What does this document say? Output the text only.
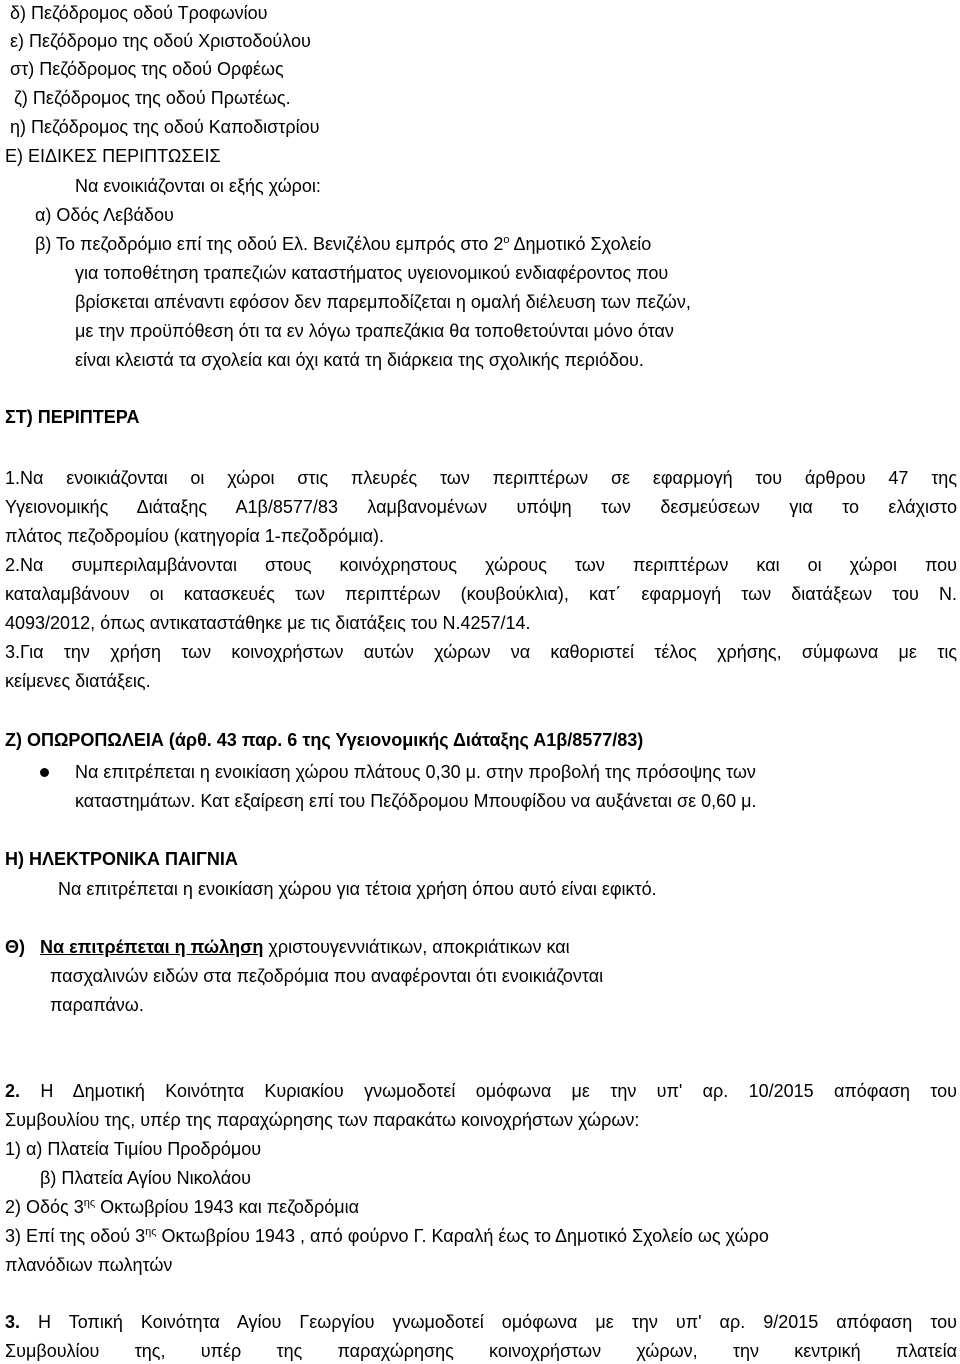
δ) Πεζόδρομος οδού Τροφωνίου
ε) Πεζόδρομο της οδού Χριστοδούλου
στ) Πεζόδρομος της οδού Ορφέως
ζ) Πεζόδρομος της οδού Πρωτέως.
η) Πεζόδρομος της οδού Καποδιστρίου
Ε) ΕΙΔΙΚΕΣ ΠΕΡΙΠΤΩΣΕΙΣ
Να ενοικιάζονται οι εξής χώροι:
α) Οδός Λεβάδου
β) Το πεζοδρόμιο επί της οδού Ελ. Βενιζέλου εμπρός στο $2^o$ Δημοτικό Σχολείο
για τοποθέτηση τραπεζιών καταστήματος υγειονομικού ενδιαφέροντος που
βρίσκεται απέναντι εφόσον δεν παρεμποδίζεται η ομαλή διέλευση των πεζών,
με την προϋπόθεση ότι τα εν λόγω τραπεζάκια θα τοποθετούνται μόνο όταν
είναι κλειστά τα σχολεία και όχι κατά τη διάρκεια της σχολικής περιόδου.
ΣΤ) ΠΕΡΙΠΤΕΡΑ
1.Να ενοικιάζονται οι χώροι στις πλευρές των περιπτέρων σε εφαρμογή του άρθρου 47 της
Υγειονομικής Διάταξης Α1β/8577/83 λαμβανομένων υπόψη των δεσμεύσεων για το ελάχιστο
πλάτος πεζοδρομίου (κατηγορία 1-πεζοδρόμια).
2.Να συμπεριλαμβάνονται στους κοινόχρηστους χώρους των περιπτέρων και οι χώροι που
καταλαμβάνουν οι κατασκευές των περιπτέρων (κουβούκλια), κατ΄ εφαρμογή των διατάξεων του Ν.
4093/2012, όπως αντικαταστάθηκε με τις διατάξεις του Ν.4257/14.
3.Για την χρήση των κοινοχρήστων αυτών χώρων να καθοριστεί τέλος χρήσης, σύμφωνα με τις
κείμενες διατάξεις.
Ζ) ΟΠΩΡΟΠΩΛΕΙΑ (άρθ. 43 παρ. 6 της Υγειονομικής Διάταξης Α1β/8577/83)
Να επιτρέπεται η ενοικίαση χώρου πλάτους 0,30 μ. στην προβολή της πρόσοψης των
καταστημάτων. Κατ εξαίρεση επί του Πεζόδρομου Μπουφίδου να αυξάνεται σε 0,60 μ.
Η) ΗΛΕΚΤΡΟΝΙΚΑ ΠΑΙΓΝΙΑ
Να επιτρέπεται η ενοικίαση χώρου για τέτοια χρήση όπου αυτό είναι εφικτό.
Θ) Να επιτρέπεται η πώληση χριστουγεννιάτικων, αποκριάτικων και
πασχαλινών ειδών στα πεζοδρόμια που αναφέρονται ότι ενοικιάζονται
παραπάνω.
2. Η Δημοτική Κοινότητα Κυριακίου γνωμοδοτεί ομόφωνα με την υπ' αρ. 10/2015 απόφαση του
Συμβουλίου της, υπέρ της παραχώρησης των παρακάτω κοινοχρήστων χώρων:
1) α) Πλατεία Τιμίου Προδρόμου
β) Πλατεία Αγίου Νικολάου
2) Οδός $3^{\eta\varsigma}$ Οκτωβρίου 1943 και πεζοδρόμια
3) Επί της οδού $3^{\eta\varsigma}$ Οκτωβρίου 1943 , από φούρνο Γ. Καραλή έως το Δημοτικό Σχολείο ως χώρο
πλανόδιων πωλητών
3. Η Τοπική Κοινότητα Αγίου Γεωργίου γνωμοδοτεί ομόφωνα με την υπ' αρ. 9/2015 απόφαση του
Συμβουλίου της, υπέρ της παραχώρησης κοινοχρήστων χώρων, την κεντρική πλατεία
